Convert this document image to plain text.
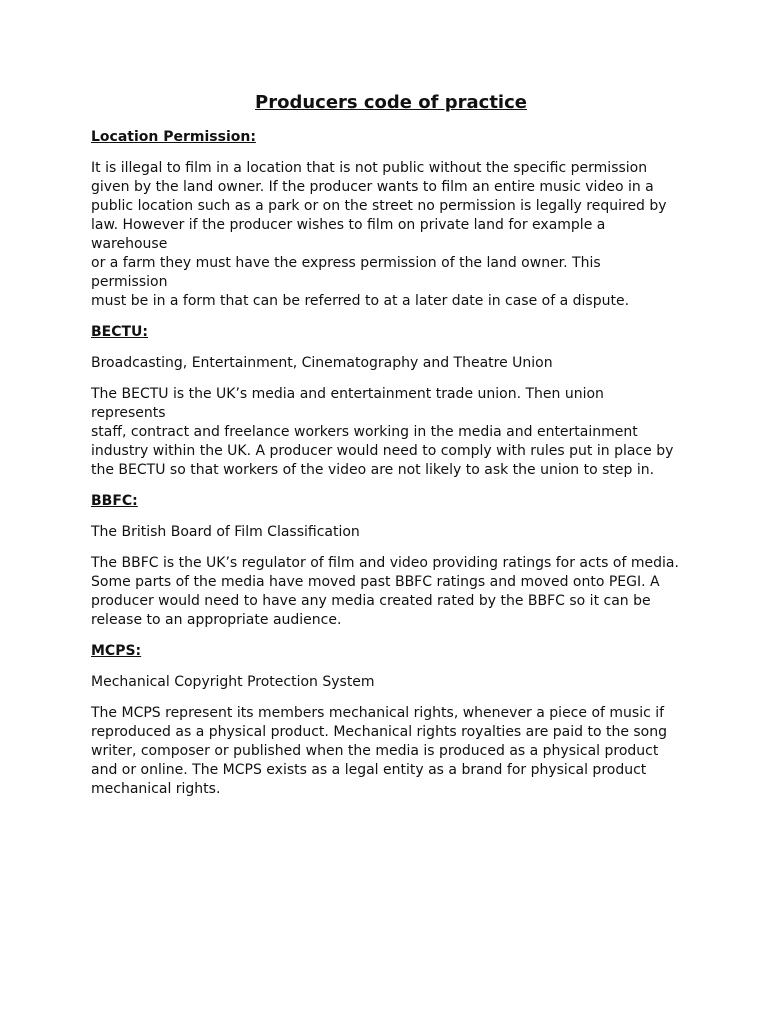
Producers code of practice
Location Permission:
It is illegal to film in a location that is not public without the specific permission
given by the land owner. If the producer wants to film an entire music video in a
public location such as a park or on the street no permission is legally required by
law. However if the producer wishes to film on private land for example a warehouse
or a farm they must have the express permission of the land owner. This permission
must be in a form that can be referred to at a later date in case of a dispute.
BECTU:
Broadcasting, Entertainment, Cinematography and Theatre Union
The BECTU is the UK’s media and entertainment trade union. Then union represents
staff, contract and freelance workers working in the media and entertainment
industry within the UK. A producer would need to comply with rules put in place by
the BECTU so that workers of the video are not likely to ask the union to step in.
BBFC:
The British Board of Film Classification
The BBFC is the UK’s regulator of film and video providing ratings for acts of media.
Some parts of the media have moved past BBFC ratings and moved onto PEGI. A
producer would need to have any media created rated by the BBFC so it can be
release to an appropriate audience.
MCPS:
Mechanical Copyright Protection System
The MCPS represent its members mechanical rights, whenever a piece of music if
reproduced as a physical product. Mechanical rights royalties are paid to the song
writer, composer or published when the media is produced as a physical product
and or online. The MCPS exists as a legal entity as a brand for physical product
mechanical rights.
